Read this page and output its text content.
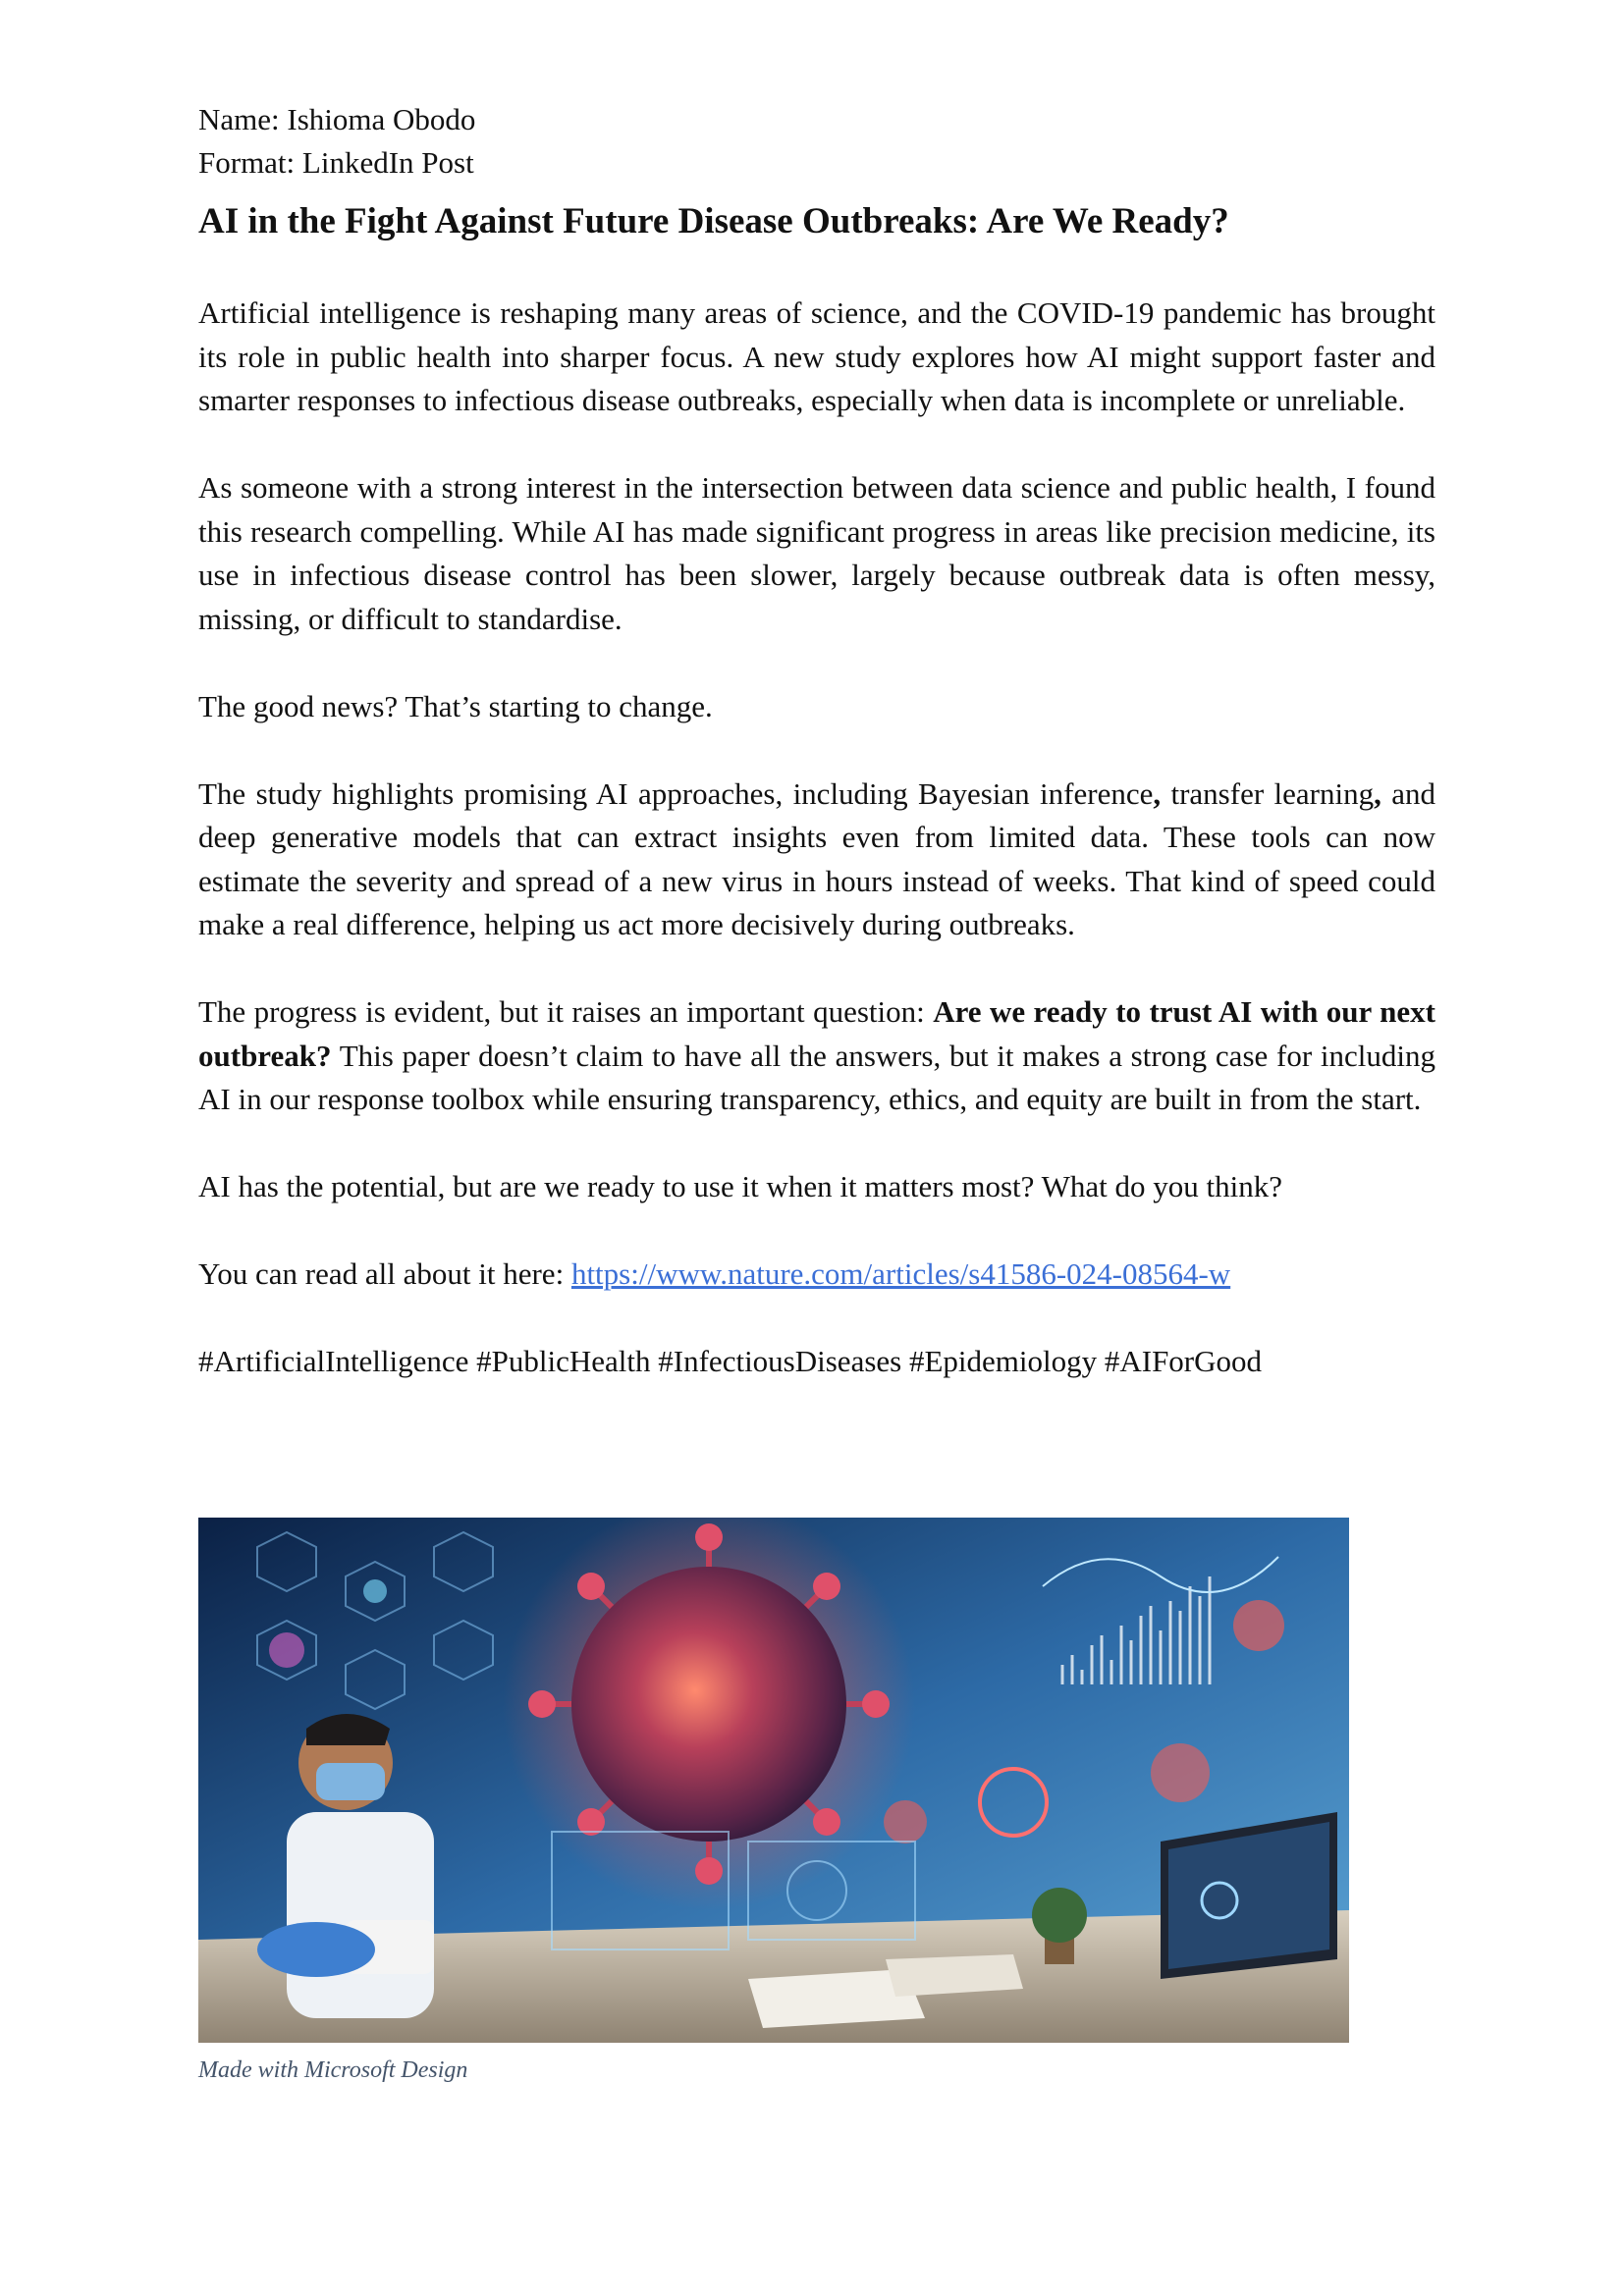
Name: Ishioma Obodo

Format: LinkedIn Post

AI in the Fight Against Future Disease Outbreaks: Are We Ready?

Artificial intelligence is reshaping many areas of science, and the COVID-19 pandemic has brought its role in public health into sharper focus. A new study explores how AI might support faster and smarter responses to infectious disease outbreaks, especially when data is incomplete or unreliable.

As someone with a strong interest in the intersection between data science and public health, I found this research compelling. While AI has made significant progress in areas like precision medicine, its use in infectious disease control has been slower, largely because outbreak data is often messy, missing, or difficult to standardise.

The good news? That’s starting to change.

The study highlights promising AI approaches, including Bayesian inference, transfer learning, and deep generative models that can extract insights even from limited data. These tools can now estimate the severity and spread of a new virus in hours instead of weeks. That kind of speed could make a real difference, helping us act more decisively during outbreaks.

The progress is evident, but it raises an important question: Are we ready to trust AI with our next outbreak? This paper doesn’t claim to have all the answers, but it makes a strong case for including AI in our response toolbox while ensuring transparency, ethics, and equity are built in from the start.

AI has the potential, but are we ready to use it when it matters most? What do you think?

You can read all about it here: https://www.nature.com/articles/s41586-024-08564-w

#ArtificialIntelligence #PublicHealth #InfectiousDiseases #Epidemiology #AIForGood

Made with Microsoft Design
